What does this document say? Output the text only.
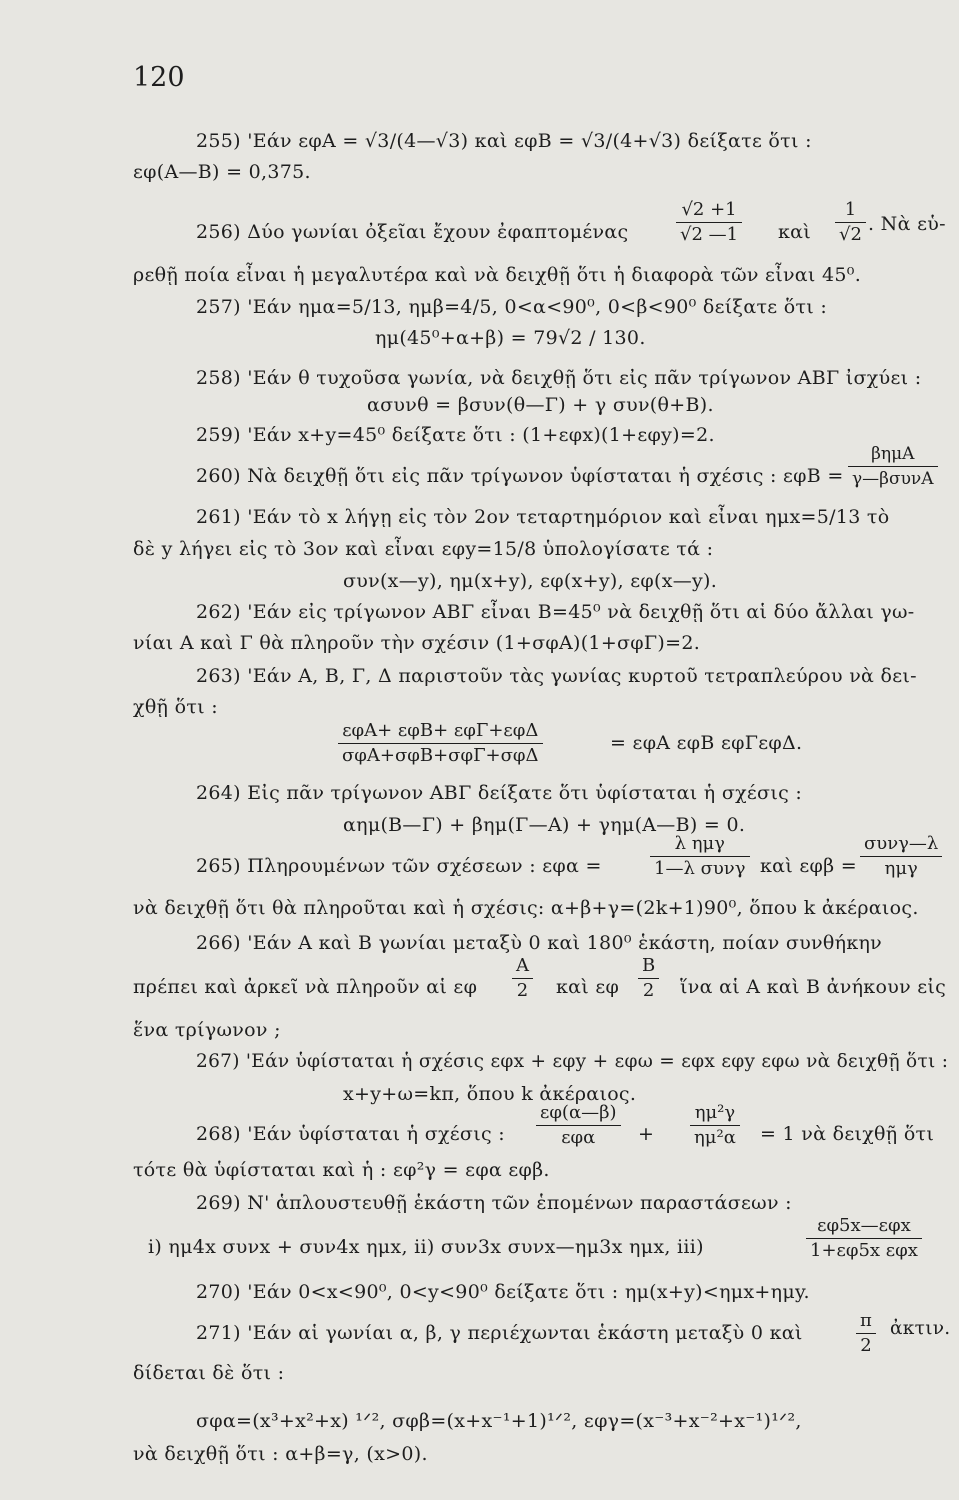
120
255) 'Εάν εφA = √3/(4—√3) καὶ εφB = √3/(4+√3) δείξατε ὅτι :
εφ(A—B) = 0,375.
256) Δύο γωνίαι ὀξεῖαι ἔχουν ἐφαπτομένας	$\frac{√2 +1}{√2 —1}$ καὶ $\frac{1}{√2}$ . Νὰ εὑ-
ρεθῇ ποία εἶναι ἡ μεγαλυτέρα καὶ νὰ δειχθῇ ὅτι ἡ διαφορὰ τῶν εἶναι 45⁰.
257) 'Εάν ημα=5/13, ημβ=4/5, 0<α<90⁰, 0<β<90⁰ δείξατε ὅτι :
ημ(45⁰+α+β) = 79√2 / 130.
258) 'Εάν θ τυχοῦσα γωνία, νὰ δειχθῇ ὅτι εἰς πᾶν τρίγωνον ΑΒΓ ἰσχύει :
ασυνθ = βσυν(θ—Γ) + γ συν(θ+Β).
259) 'Εάν x+y=45⁰ δείξατε ὅτι : (1+εφx)(1+εφy)=2.
260) Νὰ δειχθῇ ὅτι εἰς πᾶν τρίγωνον ὑφίσταται ἡ σχέσις : εφB =
βημΑ
γ—βσυνΑ
261) 'Εάν τὸ x λήγῃ εἰς τὸν 2ον τεταρτημόριον καὶ εἶναι ημx=5/13 τὸ
δὲ y λήγει εἰς τὸ 3ον καὶ εἶναι εφy=15/8 ὑπολογίσατε τά :
συν(x—y), ημ(x+y), εφ(x+y), εφ(x—y).
262) 'Εάν εἰς τρίγωνον ΑΒΓ εἶναι B=45⁰ νὰ δειχθῇ ὅτι αἱ δύο ἄλλαι γω-
νίαι Α καὶ Γ θὰ πληροῦν τὴν σχέσιν (1+σφΑ)(1+σφΓ)=2.
263) 'Εάν Α, Β, Γ, Δ παριστοῦν τὰς γωνίας κυρτοῦ τετραπλεύρου νὰ δει-
χθῇ ὅτι :
εφΑ+ εφΒ+ εφΓ+εφΔ
σφΑ+σφΒ+σφΓ+σφΔ
= εφΑ εφΒ εφΓεφΔ.
264) Εἰς πᾶν τρίγωνον ΑΒΓ δείξατε ὅτι ὑφίσταται ἡ σχέσις :
αημ(Β—Γ) + βημ(Γ—Α) + γημ(Α—Β) = 0.
265) Πληρουμένων τῶν σχέσεων : εφα =
λ ημγ
1—λ συνγ καὶ εφβ =
συνγ—λ
ημγ
νὰ δειχθῇ ὅτι θὰ πληροῦται καὶ ἡ σχέσις: α+β+γ=(2k+1)90⁰, ὅπου k ἀκέραιος.
266) 'Εάν Α καὶ Β γωνίαι μεταξὺ 0 καὶ 180⁰ ἑκάστη, ποίαν συνθήκην
πρέπει καὶ ἀρκεῖ νὰ πληροῦν αἱ εφ $\frac{A}{2}$ καὶ εφ $\frac{B}{2}$ ἵνα αἱ Α καὶ Β ἀνήκουν εἰς
ἕνα τρίγωνον ;
267) 'Εάν ὑφίσταται ἡ σχέσις εφx + εφy + εφω = εφx εφy εφω νὰ δειχθῇ ὅτι :
x+y+ω=kπ, ὅπου k ἀκέραιος.
268) 'Εάν ὑφίσταται ἡ σχέσις :
εφ(α—β)
εφα	+ $\frac{\text{ημ²γ}}{\text{ημ²α}} = 1$ νὰ δειχθῇ ὅτι
τότε θὰ ὑφίσταται καὶ ἡ : εφ²γ = εφα εφβ.
269) Ν' ἁπλουστευθῇ ἑκάστη τῶν ἑπομένων παραστάσεων :
i) ημ4x συνx + συν4x ημx, ii) συν3x συνx—ημ3x ημx, iii)
εφ5x—εφx
1+εφ5x εφx
270) 'Εάν 0<x<90⁰, 0<y<90⁰ δείξατε ὅτι : ημ(x+y)<ημx+ημy.
271) 'Εάν αἱ γωνίαι α, β, γ περιέχωνται ἑκάστη μεταξὺ 0 καὶ	$\frac{\pi}{2}$ ἀκτιν.
δίδεται δὲ ὅτι :
σφα=(x³+x²+x) ¹ᐟ², σφβ=(x+x⁻¹+1)¹ᐟ², εφγ=(x⁻³+x⁻²+x⁻¹)¹ᐟ²,
νὰ δειχθῇ ὅτι : α+β=γ, (x>0).
